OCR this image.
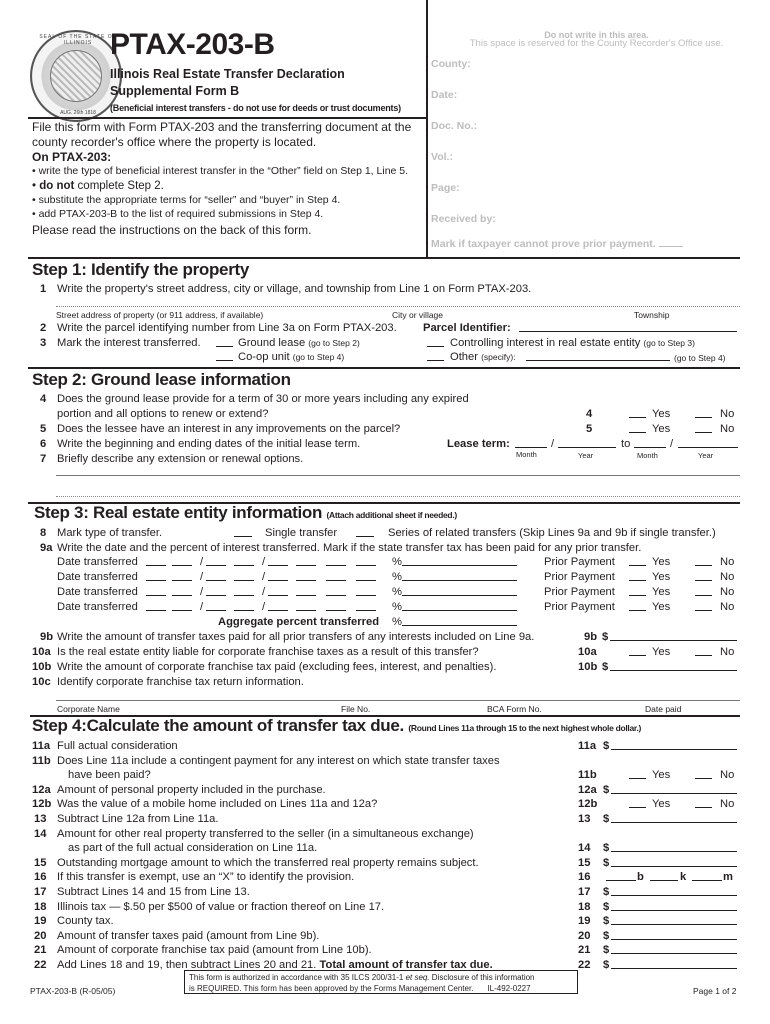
SEAL OF THE STATE OF ILLINOIS
AUG. 26th 1818
PTAX-203-B
Illinois Real Estate Transfer Declaration
Supplemental Form B
(Beneficial interest transfers - do not use for deeds or trust documents)
Do not write in this area.
This space is reserved for the County Recorder's Office use.
County:
Date:
Doc. No.:
Vol.:
Page:
Received by:
Mark if taxpayer cannot prove prior payment.
File this form with Form PTAX-203 and the transferring document at the
county recorder's office where the property is located.
On PTAX-203:
• write the type of beneficial interest transfer in the “Other” field on Step 1, Line 5.
• do not complete Step 2.
• substitute the appropriate terms for “seller” and “buyer” in Step 4.
• add PTAX-203-B to the list of required submissions in Step 4.
Please read the instructions on the back of this form.
Step 1: Identify the property
1 Write the property's street address, city or village, and township from Line 1 on Form PTAX-203.
Street address of property (or 911 address, if available)	City or village	Township
2 Write the parcel identifying number from Line 3a on Form PTAX-203. Parcel Identifier:
3 Mark the interest transferred.	Ground lease (go to Step 2)	Controlling interest in real estate entity (go to Step 3)
Co-op unit (go to Step 4)	Other (specify):	(go to Step 4)
Step 2: Ground lease information
4 Does the ground lease provide for a term of 30 or more years including any expired
portion and all options to renew or extend?	4	Yes	No
5 Does the lessee have an interest in any improvements on the parcel?	5	Yes	No
6 Write the beginning and ending dates of the initial lease term.	Lease term:	/	to	/
Month	Year	Month	Year
7 Briefly describe any extension or renewal options.
Step 3: Real estate entity information (Attach additional sheet if needed.)
8 Mark type of transfer.	Single transfer	Series of related transfers (Skip Lines 9a and 9b if single transfer.)
9a Write the date and the percent of interest transferred. Mark if the state transfer tax has been paid for any prior transfer.
Date transferred	/	/	%	Prior Payment	Yes	No
Date transferred	/	/	%	Prior Payment	Yes	No
Date transferred	/	/	%	Prior Payment	Yes	No
Date transferred	/	/	%	Prior Payment	Yes	No
Aggregate percent transferred %
9b Write the amount of transfer taxes paid for all prior transfers of any interests included on Line 9a.	9b $
10a Is the real estate entity liable for corporate franchise taxes as a result of this transfer?	10a	Yes	No
10b Write the amount of corporate franchise tax paid (excluding fees, interest, and penalties).	10b $
10c Identify corporate franchise tax return information.
Corporate Name	File No.	BCA Form No.	Date paid
Step 4:Calculate the amount of transfer tax due. (Round Lines 11a through 15 to the next highest whole dollar.)
11a Full actual consideration	11a $
11b Does Line 11a include a contingent payment for any interest on which state transfer taxes
have been paid?	11b	Yes	No
12a Amount of personal property included in the purchase.	12a $
12b Was the value of a mobile home included on Lines 11a and 12a?	12b	Yes	No
13 Subtract Line 12a from Line 11a.	13 $
14 Amount for other real property transferred to the seller (in a simultaneous exchange)
as part of the full actual consideration on Line 11a.	14 $
15 Outstanding mortgage amount to which the transferred real property remains subject.	15 $
16 If this transfer is exempt, use an “X” to identify the provision.	16	b	k	m
17 Subtract Lines 14 and 15 from Line 13.	17 $
18 Illinois tax — $.50 per $500 of value or fraction thereof on Line 17.	18 $
19 County tax.	19 $
20 Amount of transfer taxes paid (amount from Line 9b).	20 $
21 Amount of corporate franchise tax paid (amount from Line 10b).	21 $
22 Add Lines 18 and 19, then subtract Lines 20 and 21. Total amount of transfer tax due.	22 $
PTAX-203-B (R-05/05)
This form is authorized in accordance with 35 ILCS 200/31-1 et seq. Disclosure of this information
is REQUIRED. This form has been approved by the Forms Management Center. IL-492-0227	Page 1 of 2
